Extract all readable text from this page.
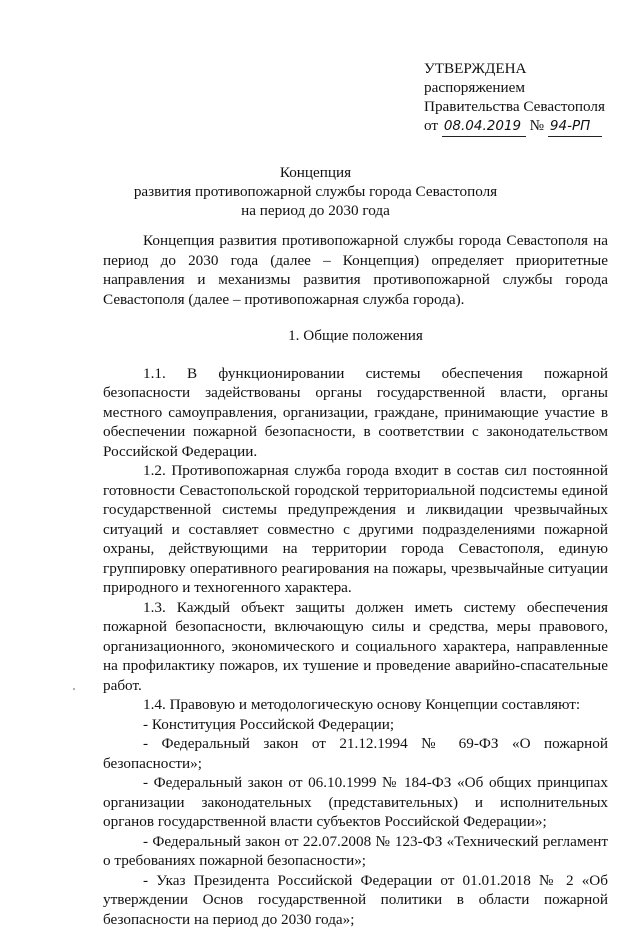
УТВЕРЖДЕНА
распоряжением
Правительства Севастополя
от 08.04.2019 № 94-РП
Концепция
развития противопожарной службы города Севастополя
на период до 2030 года

Концепция развития противопожарной службы города Севастополя на период до 2030 года (далее – Концепция) определяет приоритетные направления и механизмы развития противопожарной службы города Севастополя (далее – противопожарная служба города).

1. Общие положения

1.1. В функционировании системы обеспечения пожарной безопасности задействованы органы государственной власти, органы местного самоуправления, организации, граждане, принимающие участие в обеспечении пожарной безопасности, в соответствии с законодательством Российской Федерации.

1.2. Противопожарная служба города входит в состав сил постоянной готовности Севастопольской городской территориальной подсистемы единой государственной системы предупреждения и ликвидации чрезвычайных ситуаций и составляет совместно с другими подразделениями пожарной охраны, действующими на территории города Севастополя, единую группировку оперативного реагирования на пожары, чрезвычайные ситуации природного и техногенного характера.

1.3. Каждый объект защиты должен иметь систему обеспечения пожарной безопасности, включающую силы и средства, меры правового, организационного, экономического и социального характера, направленные на профилактику пожаров, их тушение и проведение аварийно-спасательные работ.

1.4. Правовую и методологическую основу Концепции составляют:

- Конституция Российской Федерации;

- Федеральный закон от 21.12.1994 № 69-ФЗ «О пожарной безопасности»;

- Федеральный закон от 06.10.1999 № 184-ФЗ «Об общих принципах организации законодательных (представительных) и исполнительных органов государственной власти субъектов Российской Федерации»;

- Федеральный закон от 22.07.2008 № 123-ФЗ «Технический регламент о требованиях пожарной безопасности»;

- Указ Президента Российской Федерации от 01.01.2018 № 2 «Об утверждении Основ государственной политики в области пожарной безопасности на период до 2030 года»;
